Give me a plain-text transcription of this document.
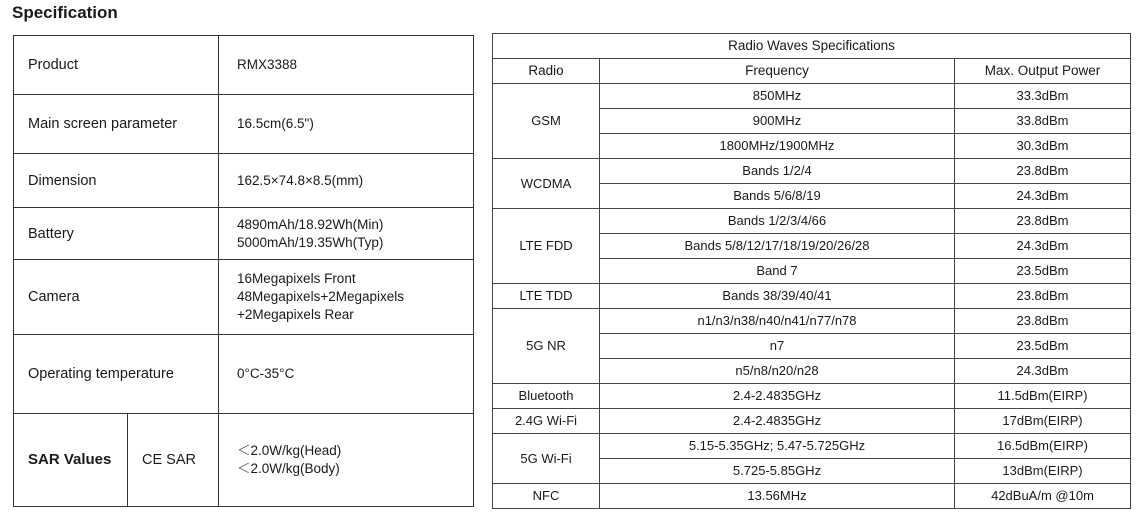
Specification
Product		RMX3388

Main screen parameter		16.5cm(6.5")

Dimension		162.5×74.8×8.5(mm)

Battery		4890mAh/18.92Wh(Min)
5000mAh/19.35Wh(Typ)

Camera		16Megapixels Front
48Megapixels+2Megapixels
+2Megapixels Rear

Operating temperature		0°C-35°C

SAR Values	CE SAR	＜2.0W/kg(Head)
＜2.0W/kg(Body)
Radio Waves Specifications		
Radio	Frequency	Max. Output Power
GSM	850MHz	33.3dBm
	900MHz	33.8dBm
	1800MHz/1900MHz	30.3dBm
WCDMA	Bands 1/2/4	23.8dBm
	Bands 5/6/8/19	24.3dBm
LTE FDD	Bands 1/2/3/4/66	23.8dBm
	Bands 5/8/12/17/18/19/20/26/28	24.3dBm
	Band 7	23.5dBm
LTE TDD	Bands 38/39/40/41	23.8dBm
5G NR	n1/n3/n38/n40/n41/n77/n78	23.8dBm
	n7	23.5dBm
	n5/n8/n20/n28	24.3dBm
Bluetooth	2.4-2.4835GHz	11.5dBm(EIRP)
2.4G Wi-Fi	2.4-2.4835GHz	17dBm(EIRP)
5G Wi-Fi	5.15-5.35GHz; 5.47-5.725GHz	16.5dBm(EIRP)
	5.725-5.85GHz	13dBm(EIRP)
NFC	13.56MHz	42dBuA/m @10m
